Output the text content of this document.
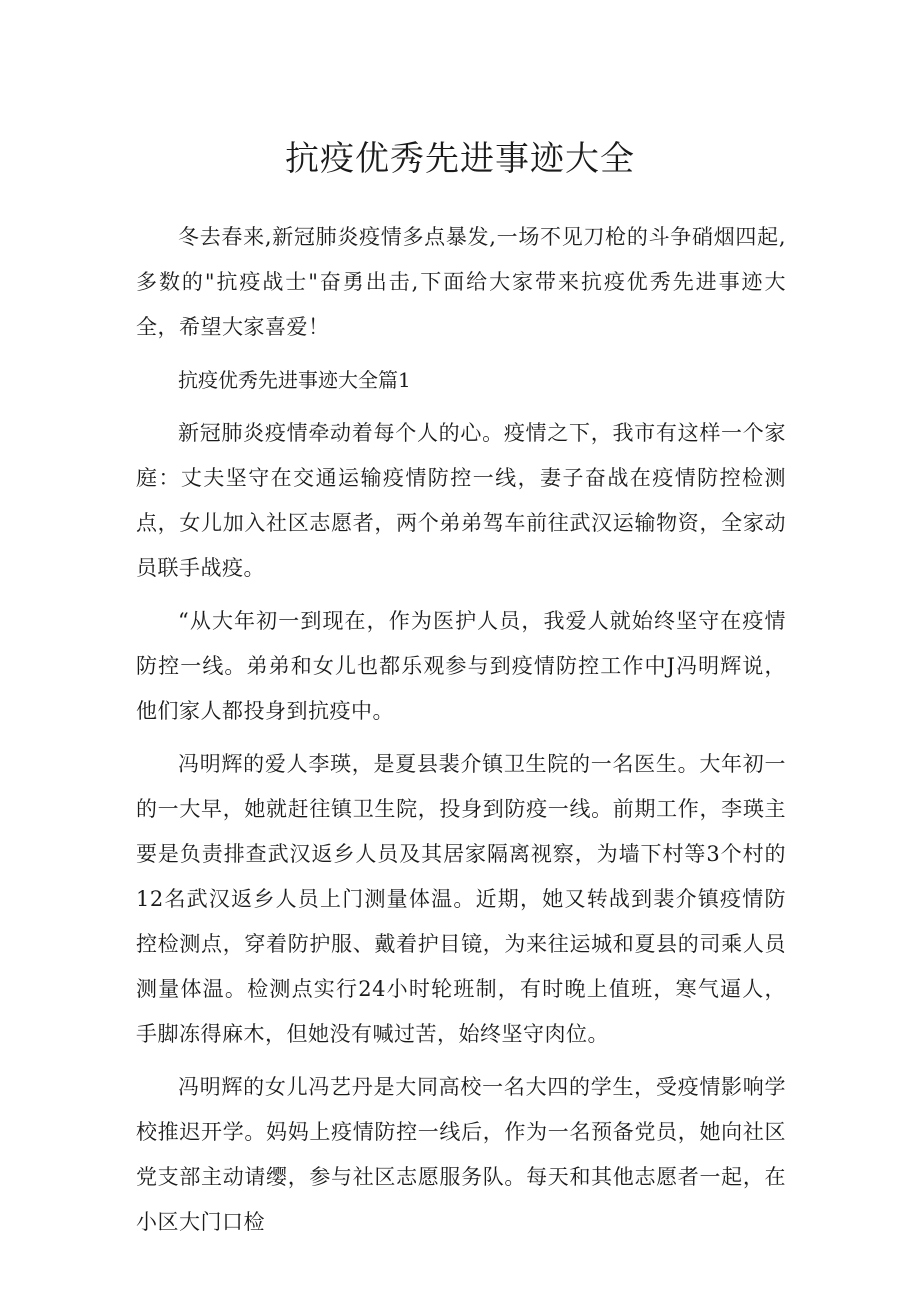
抗疫优秀先进事迹大全

冬去春来,新冠肺炎疫情多点暴发,一场不见刀枪的斗争硝烟四起,多数的"抗疫战士"奋勇出击,下面给大家带来抗疫优秀先进事迹大全，希望大家喜爱！

抗疫优秀先进事迹大全篇1

新冠肺炎疫情牵动着每个人的心。疫情之下，我市有这样一个家庭：丈夫坚守在交通运输疫情防控一线，妻子奋战在疫情防控检测点，女儿加入社区志愿者，两个弟弟驾车前往武汉运输物资，全家动员联手战疫。

“从大年初一到现在，作为医护人员，我爱人就始终坚守在疫情防控一线。弟弟和女儿也都乐观参与到疫情防控工作中J冯明辉说，他们家人都投身到抗疫中。

冯明辉的爱人李瑛，是夏县裴介镇卫生院的一名医生。大年初一的一大早，她就赶往镇卫生院，投身到防疫一线。前期工作，李瑛主要是负责排查武汉返乡人员及其居家隔离视察，为墙下村等3个村的12名武汉返乡人员上门测量体温。近期，她又转战到裴介镇疫情防控检测点，穿着防护服、戴着护目镜，为来往运城和夏县的司乘人员测量体温。检测点实行24小时轮班制，有时晚上值班，寒气逼人，手脚冻得麻木，但她没有喊过苦，始终坚守肉位。

冯明辉的女儿冯艺丹是大同高校一名大四的学生，受疫情影响学校推迟开学。妈妈上疫情防控一线后，作为一名预备党员，她向社区党支部主动请缨，参与社区志愿服务队。每天和其他志愿者一起，在小区大门口检
